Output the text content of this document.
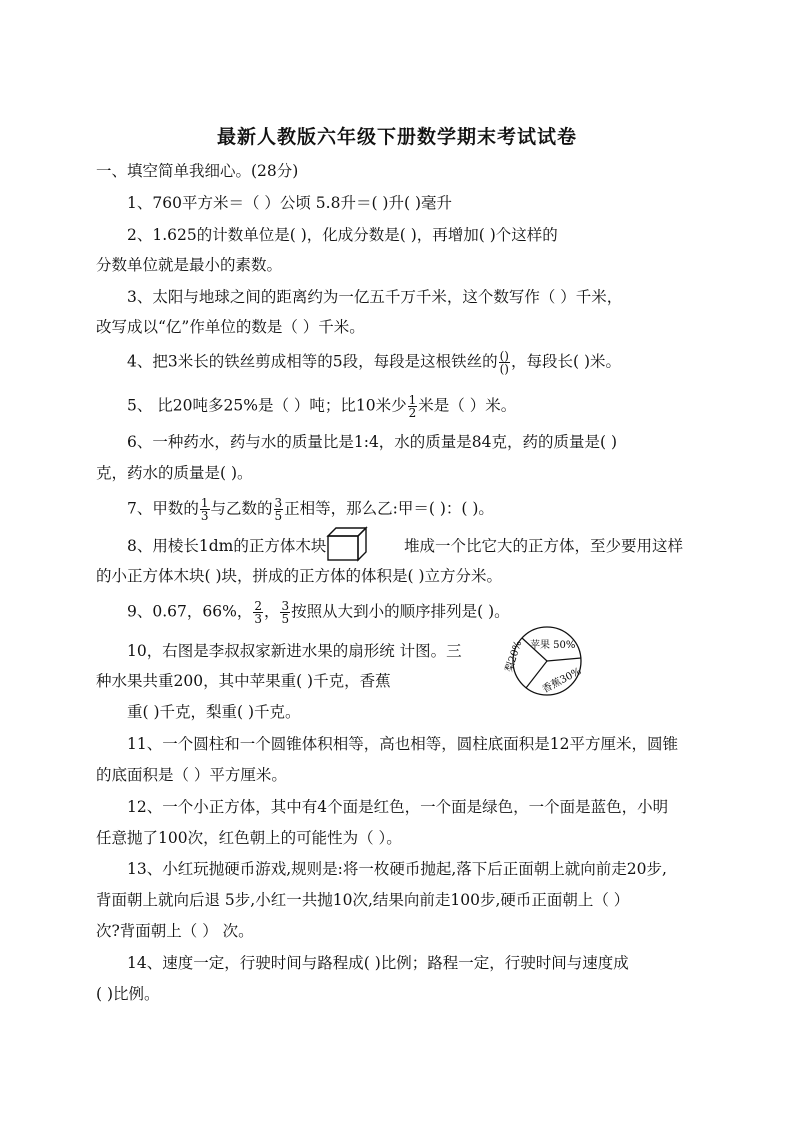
最新人教版六年级下册数学期末考试试卷
一、填空简单我细心。(28分)
1、760平方米＝（ ）公顷 5.8升＝( )升( )毫升
2、1.625的计数单位是( )，化成分数是( )，再增加( )个这样的
分数单位就是最小的素数。
3、太阳与地球之间的距离约为一亿五千万千米，这个数写作（ ）千米，
改写成以“亿”作单位的数是（ ）千米。
4、把3米长的铁丝剪成相等的5段，每段是这根铁丝的 $\frac{()}{()}$ ，每段长( )米。
5、 比20吨多25%是（ ）吨；比10米少 $\frac{1}{2}$ 米是（ ）米。
6、一种药水，药与水的质量比是1:4，水的质量是84克，药的质量是( )
克，药水的质量是( )。
7、甲数的 $\frac{1}{3}$ 与乙数的 $\frac{3}{5}$ 正相等，那么乙:甲＝( )：( )。
8、用棱长1dm的正方体木块	堆成一个比它大的正方体，至少要用这样
的小正方体木块( )块，拼成的正方体的体积是( )立方分米。
9、0.67，66%， $\frac{2}{3}$ ， $\frac{3}{5}$ 按照从大到小的顺序排列是( )。
10，右图是李叔叔家新进水果的扇形统 计图。三
种水果共重200，其中苹果重( )千克，香蕉
重( )千克，梨重( )千克。
苹果 50%
香蕉30%
梨20%
11、一个圆柱和一个圆锥体积相等，高也相等，圆柱底面积是12平方厘米，圆锥
的底面积是（ ）平方厘米。
12、一个小正方体，其中有4个面是红色，一个面是绿色，一个面是蓝色，小明
任意抛了100次，红色朝上的可能性为（ ）。
13、小红玩抛硬币游戏,规则是:将一枚硬币抛起,落下后正面朝上就向前走20步,
背面朝上就向后退 5步,小红一共抛10次,结果向前走100步,硬币正面朝上（ ）
次?背面朝上（ ） 次。
14、速度一定，行驶时间与路程成( )比例；路程一定，行驶时间与速度成
( )比例。
